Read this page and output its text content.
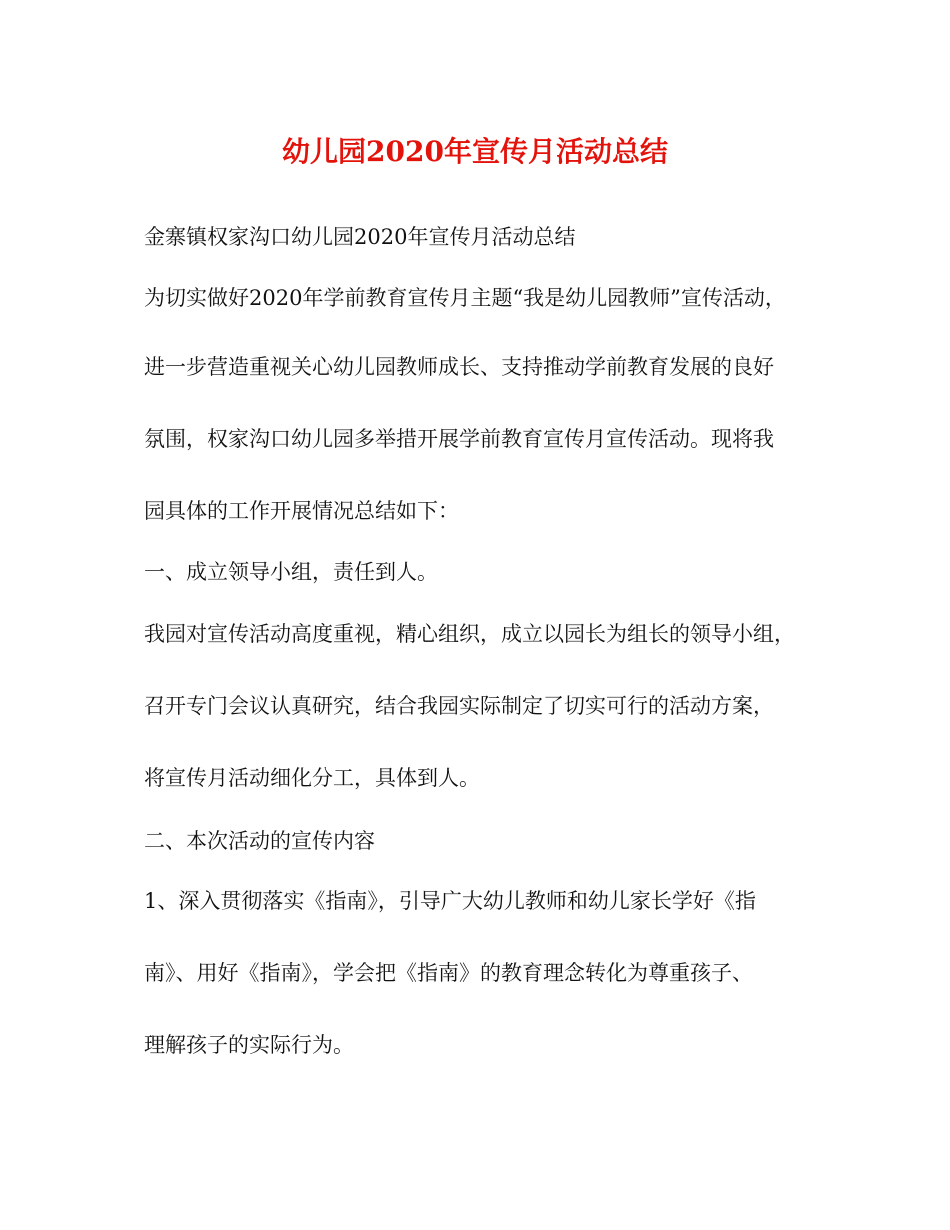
幼儿园2020年宣传月活动总结
金寨镇权家沟口幼儿园2020年宣传月活动总结
为切实做好2020年学前教育宣传月主题“我是幼儿园教师”宣传活动，
进一步营造重视关心幼儿园教师成长、支持推动学前教育发展的良好
氛围，权家沟口幼儿园多举措开展学前教育宣传月宣传活动。现将我
园具体的工作开展情况总结如下：
一、成立领导小组，责任到人。
我园对宣传活动高度重视，精心组织，成立以园长为组长的领导小组，
召开专门会议认真研究，结合我园实际制定了切实可行的活动方案，
将宣传月活动细化分工，具体到人。
二、本次活动的宣传内容
1、深入贯彻落实《指南》，引导广大幼儿教师和幼儿家长学好《指
南》、用好《指南》，学会把《指南》的教育理念转化为尊重孩子、
理解孩子的实际行为。
